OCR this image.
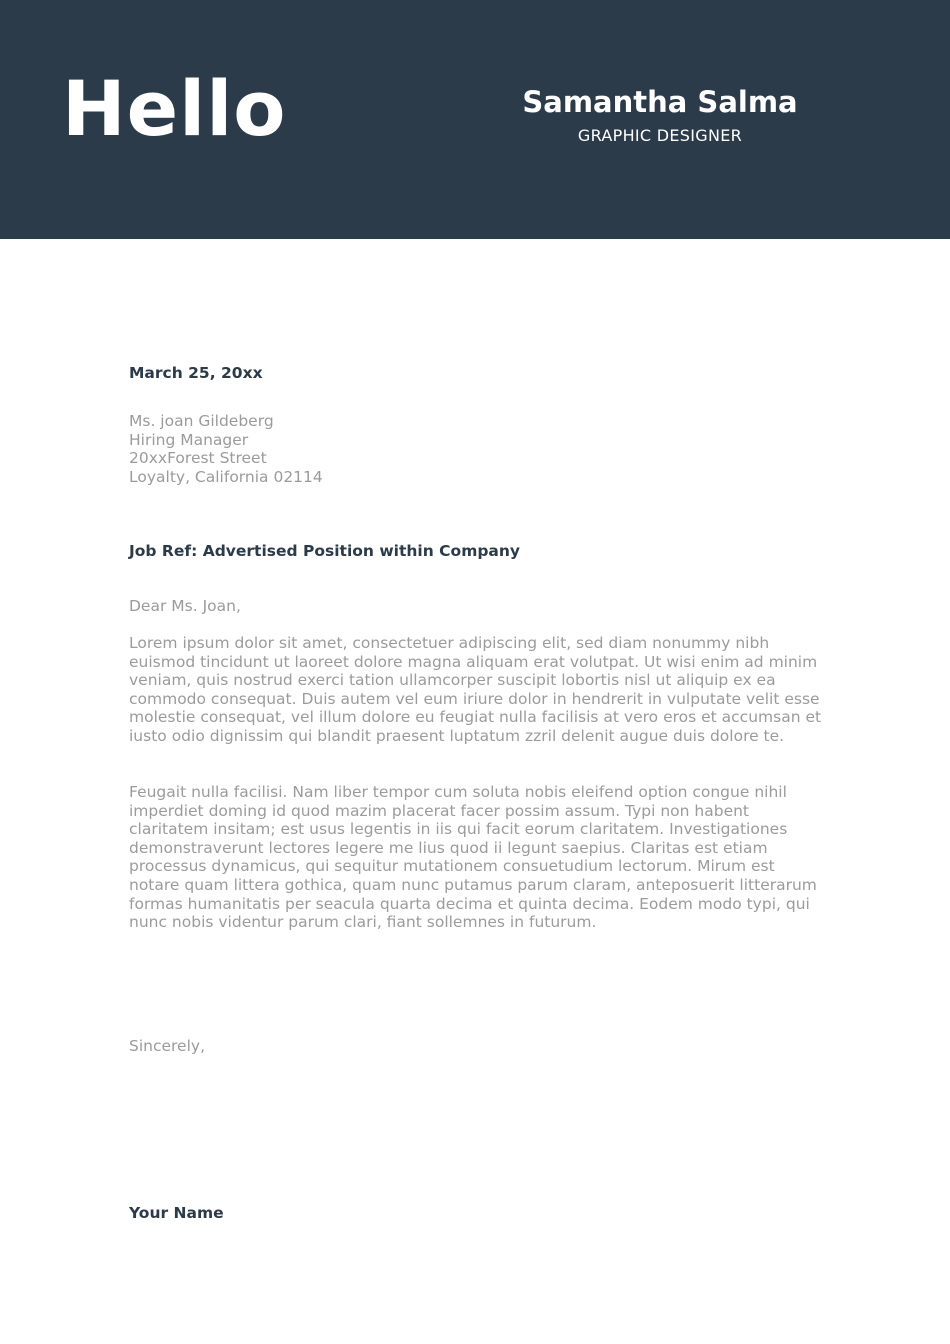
Hello	Samantha Salma
GRAPHIC DESIGNER
March 25, 20xx
Ms. joan Gildeberg
Hiring Manager
20xxForest Street
Loyalty, California 02114
Job Ref: Advertised Position within Company
Dear Ms. Joan,

Lorem ipsum dolor sit amet, consectetuer adipiscing elit, sed diam nonummy nibh euismod tincidunt ut laoreet dolore magna aliquam erat volutpat. Ut wisi enim ad minim veniam, quis nostrud exerci tation ullamcorper suscipit lobortis nisl ut aliquip ex ea commodo consequat. Duis autem vel eum iriure dolor in hendrerit in vulputate velit esse molestie consequat, vel illum dolore eu feugiat nulla facilisis at vero eros et accumsan et iusto odio dignissim qui blandit praesent luptatum zzril delenit augue duis dolore te.

Feugait nulla facilisi. Nam liber tempor cum soluta nobis eleifend option congue nihil imperdiet doming id quod mazim placerat facer possim assum. Typi non habent claritatem insitam; est usus legentis in iis qui facit eorum claritatem. Investigationes demonstraverunt lectores legere me lius quod ii legunt saepius. Claritas est etiam processus dynamicus, qui sequitur mutationem consuetudium lectorum. Mirum est notare quam littera gothica, quam nunc putamus parum claram, anteposuerit litterarum formas humanitatis per seacula quarta decima et quinta decima. Eodem modo typi, qui nunc nobis videntur parum clari, fiant sollemnes in futurum.

Sincerely,
Your Name
